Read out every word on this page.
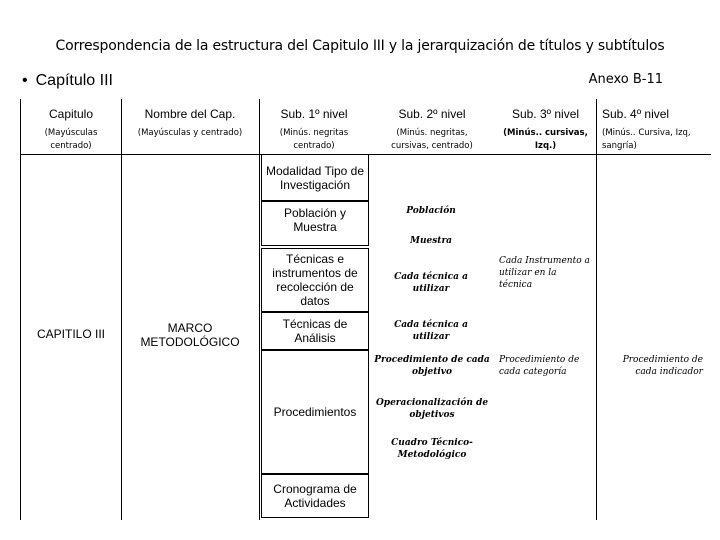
Correspondencia de la estructura del Capitulo III y la jerarquización de títulos y subtítulos
• Capítulo III	Anexo B-11
Capitulo
(Mayúsculas centrado)
Nombre del Cap.
(Mayúsculas y centrado)
Sub. 1º nivel
(Minús. negritas centrado)
Sub. 2º nivel
(Minús. negritas, cursivas, centrado)
Sub. 3º nivel
(Minús.. cursivas, Izq.)
Sub. 4º nivel
(Minús.. Cursiva, Izq, sangría)
CAPITILO III	MARCO METODOLÓGICO
Modalidad Tipo de Investigación
Población y Muestra
Técnicas e instrumentos de recolección de datos
Técnicas de Análisis
Procedimientos
Cronograma de Actividades
Población
Muestra
Cada técnica a utilizar
Cada técnica a utilizar
Procedimiento de cada objetivo
Operacionalización de objetivos
Cuadro Técnico-Metodológico
Cada Instrumento a utilizar en la técnica
Procedimiento de cada categoría
Procedimiento de cada indicador
